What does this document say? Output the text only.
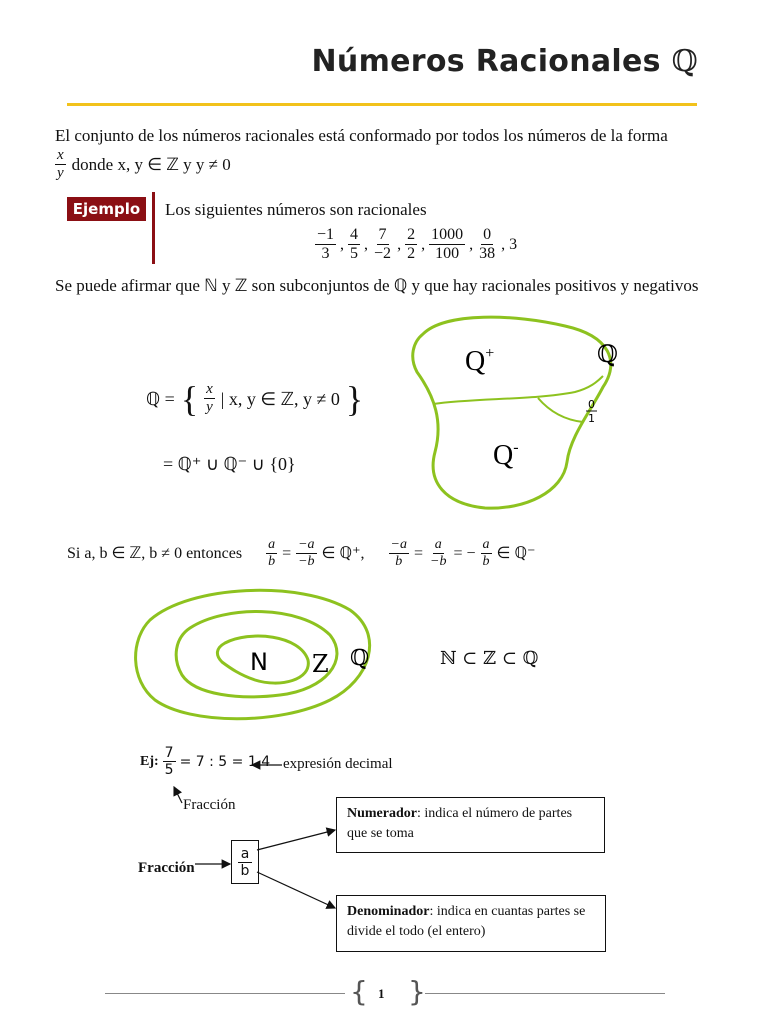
Números Racionales ℚ
El conjunto de los números racionales está conformado por todos los números de la forma
$\frac{x}{y}$ donde x, y ∈ ℤ y y ≠ 0
Ejemplo	Los siguientes números son racionales
$\frac{-1}{3}$ , $\frac{4}{5}$ , $\frac{7}{-2}$ , $\frac{2}{2}$ , $\frac{1000}{100}$ , $\frac{0}{38}$ , 3
Se puede afirmar que ℕ y ℤ son subconjuntos de ℚ y que hay racionales positivos y negativos
ℚ = { $\frac{x}{y}$ | x, y ∈ ℤ, y ≠ 0 }
= ℚ⁺ ∪ ℚ⁻ ∪ {0}
Q+	ℚ
Q-
0
1
Si a, b ∈ ℤ, b ≠ 0 entonces $\frac{a}{b} = \frac{-a}{-b}$ ∈ ℚ⁺, $\frac{-a}{b} = \frac{a}{-b}$ = − $\frac{a}{b}$ ∈ ℚ⁻
N Z ℚ	ℕ ⊂ ℤ ⊂ ℚ
Ej: $\frac{7}{5} = 7$ : 5 = 1,4 expresión decimal
Fracción
Fracción	$\frac{a}{b}$
Numerador: indica el número de partes que se toma
Denominador: indica en cuantas partes se divide el todo (el entero)
{ }
1
